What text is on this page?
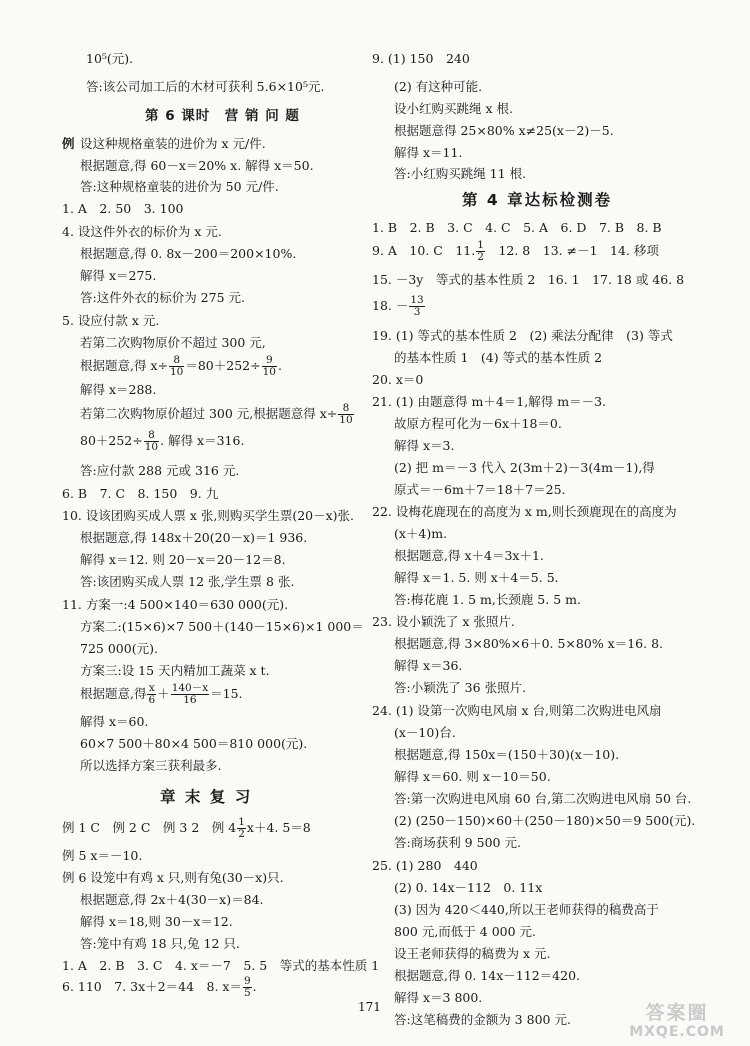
10⁵(元).
答:该公司加工后的木材可获利 5.6×10⁵元.
第 6 课时　营 销 问 题
例 设这种规格童装的进价为 x 元/件.
根据题意,得 60－x＝20% x. 解得 x＝50.
答:这种规格童装的进价为 50 元/件.
1. A　2. 50　3. 100
4. 设这件外衣的标价为 x 元.
根据题意,得 0. 8x－200＝200×10%.
解得 x＝275.
答:这件外衣的标价为 275 元.
5. 设应付款 x 元.
若第二次购物原价不超过 300 元,
根据题意,得 $x\div \frac{8}{10} =80+252\div \frac{9}{10}$ .
解得 x＝288.
若第二次购物原价超过 300 元,根据题意得 $x\div \frac{8}{10}$
$80+252\div \frac{8}{10}$ . 解得 x＝316.
答:应付款 288 元或 316 元.
6. B　7. C　8. 150　9. 九
10. 设该团购买成人票 x 张,则购买学生票(20－x)张.
根据题意,得 148x＋20(20－x)＝1 936.
解得 x＝12. 则 20－x＝20－12＝8.
答:该团购买成人票 12 张,学生票 8 张.
11. 方案一:4 500×140＝630 000(元).
方案二:(15×6)×7 500＋(140－15×6)×1 000＝
725 000(元).
方案三:设 15 天内精加工蔬菜 x t.
根据题意,得 $\frac{x}{6} + \frac{140-x}{16} =15$.
解得 x＝60.
60×7 500＋80×4 500＝810 000(元).
所以选择方案三获利最多.
章 末 复 习
例 1 C　例 2 C　例 3 2　例 $4 \frac{1}{2} x+4$. 5＝8
例 5 x＝－10.
例 6 设笼中有鸡 x 只,则有兔(30－x)只.
根据题意,得 2x＋4(30－x)＝84.
解得 x＝18,则 30－x＝12.
答:笼中有鸡 18 只,兔 12 只.
1. A　2. B　3. C　4. x＝－7　5. 5　等式的基本性质 1
6. 110　7. 3x＋2＝44　8. $x= \frac{9}{5}$ .
9. (1) 150　240
(2) 有这种可能.
设小红购买跳绳 x 根.
根据题意得 25×80% x≠25(x－2)－5.
解得 x＝11.
答:小红购买跳绳 11 根.
第 4 章达标检测卷
1. B　2. B　3. C　4. C　5. A　6. D　7. B　8. B
9. A　10. C　11. $\frac{1}{2}$
　 12. 8　13. ≠－1　14. 移项
15. －3y　等式的基本性质 2　16. 1　17. 18 或 46. 8
18. － $\frac{13}{3}$
19. (1) 等式的基本性质 2　(2) 乘法分配律　(3) 等式
的基本性质 1　(4) 等式的基本性质 2
20. x＝0
21. (1) 由题意得 m＋4＝1,解得 m＝－3.
故原方程可化为－6x＋18＝0.
解得 x＝3.
(2) 把 m＝－3 代入 2(3m＋2)－3(4m－1),得
原式＝－6m＋7＝18＋7＝25.
22. 设梅花鹿现在的高度为 x m,则长颈鹿现在的高度为
(x＋4)m.
根据题意,得 x＋4＝3x＋1.
解得 x＝1. 5. 则 x＋4＝5. 5.
答:梅花鹿 1. 5 m,长颈鹿 5. 5 m.
23. 设小颖洗了 x 张照片.
根据题意,得 3×80%×6＋0. 5×80% x＝16. 8.
解得 x＝36.
答:小颖洗了 36 张照片.
24. (1) 设第一次购电风扇 x 台,则第二次购进电风扇
(x－10)台.
根据题意,得 150x＝(150＋30)(x－10).
解得 x＝60. 则 x－10＝50.
答:第一次购进电风扇 60 台,第二次购进电风扇 50 台.
(2) (250－150)×60＋(250－180)×50＝9 500(元).
答:商场获利 9 500 元.
25. (1) 280　440
(2) 0. 14x－112　0. 11x
(3) 因为 420＜440,所以王老师获得的稿费高于
800 元,而低于 4 000 元.
设王老师获得的稿费为 x 元.
根据题意,得 0. 14x－112＝420.
解得 x＝3 800.
答:这笔稿费的金额为 3 800 元.
171	答案圈
MXQE.COM
